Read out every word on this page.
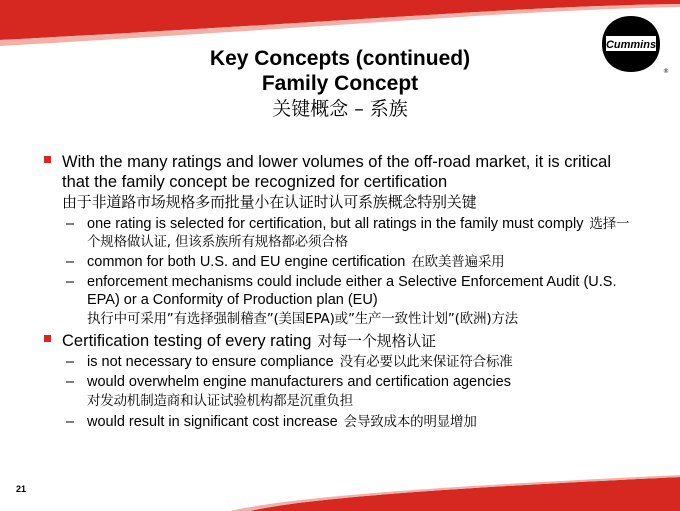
Cummins
®
Key Concepts (continued)
Family Concept
关键概念 – 系族
With the many ratings and lower volumes of the off-road market, it is critical that the family concept be recognized for certification
由于非道路市场规格多而批量小在认证时认可系族概念特别关键
– one rating is selected for certification, but all ratings in the family must comply 选择一个规格做认证, 但该系族所有规格都必须合格
– common for both U.S. and EU engine certification 在欧美普遍采用
– enforcement mechanisms could include either a Selective Enforcement Audit (U.S. EPA) or a Conformity of Production plan (EU)
执行中可采用”有选择强制稽查”(美国EPA)或”生产一致性计划”(欧洲)方法
Certification testing of every rating 对每一个规格认证
– is not necessary to ensure compliance 没有必要以此来保证符合标准
– would overwhelm engine manufacturers and certification agencies
对发动机制造商和认证试验机构都是沉重负担
– would result in significant cost increase 会导致成本的明显增加
21
